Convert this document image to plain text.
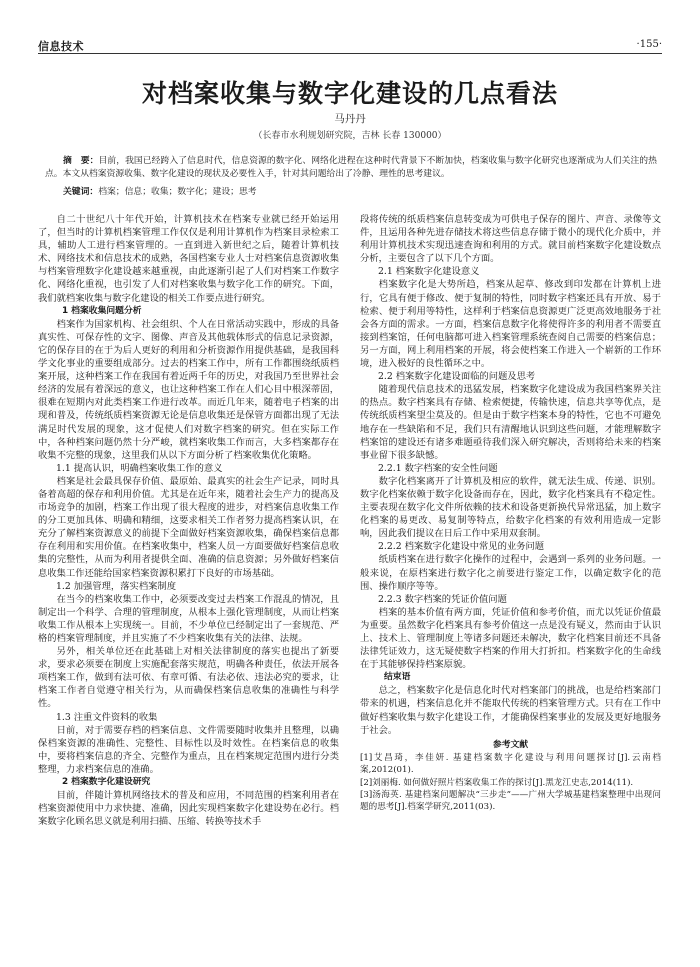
信息技术	·155·
对档案收集与数字化建设的几点看法
马丹丹
（长春市水利规划研究院，吉林 长春 130000）

摘　要：目前，我国已经跨入了信息时代，信息资源的数字化、网络化进程在这种时代背景下不断加快，档案收集与数字化研究也逐渐成为人们关注的热点。本文从档案资源收集、数字化建设的现状及必要性入手，针对其问题给出了冷静、理性的思考建议。

关键词：档案；信息；收集；数字化；建设；思考

自二十世纪八十年代开始，计算机技术在档案专业就已经开始运用了，但当时的计算机档案管理工作仅仅是利用计算机作为档案目录检索工具，辅助人工进行档案管理的。一直到进入新世纪之后，随着计算机技术、网络技术和信息技术的成熟，各国档案专业人士对档案信息资源收集与档案管理数字化建设越来越重视，由此逐渐引起了人们对档案工作数字化、网络化重视，也引发了人们对档案收集与数字化工作的研究。下面，我们就档案收集与数字化建设的相关工作要点进行研究。

1 档案收集问题分析

档案作为国家机构、社会组织、个人在日常活动实践中，形成的具备真实性、可保存性的文字、图像、声音及其他载体形式的信息记录资源，它的保存目的在于为后人更好的利用和分析资源作用提供基础，是我国科学文化事业的重要组成部分。过去的档案工作中，所有工作都围绕纸质档案开展，这种档案工作在我国有着近两千年的历史，对我国乃至世界社会经济的发展有着深远的意义，也让这种档案工作在人们心目中根深蒂固，很难在短期内对此类档案工作进行改革。而近几年来，随着电子档案的出现和普及，传统纸质档案资源无论是信息收集还是保管方面都出现了无法满足时代发展的现象，这才促使人们对数字档案的研究。但在实际工作中，各种档案问题仍然十分严峻，就档案收集工作而言，大多档案都存在收集不完整的现象，这里我们从以下方面分析了档案收集优化策略。

1.1 提高认识，明确档案收集工作的意义

档案是社会最具保存价值、最原始、最真实的社会生产记录，同时具备着高超的保存和利用价值。尤其是在近年来，随着社会生产力的提高及市场竞争的加剧，档案工作出现了很大程度的进步，对档案信息收集工作的分工更加具体、明确和精细，这要求相关工作者努力提高档案认识，在充分了解档案资源意义的前提下全面做好档案资源收集，确保档案信息都存在利用和实用价值。在档案收集中，档案人员一方面要做好档案信息收集的完整性，从而为利用者提供全面、准确的信息资源；另外做好档案信息收集工作还能给国家档案资源积累打下良好的市场基础。

1.2 加强管理，落实档案制度

在当今的档案收集工作中，必须要改变过去档案工作混乱的情况，且制定出一个科学、合理的管理制度，从根本上强化管理制度，从而让档案收集工作从根本上实现统一。目前，不少单位已经制定出了一套规范、严格的档案管理制度，并且实施了不少档案收集有关的法律、法规。

另外，相关单位还在此基础上对相关法律制度的落实也提出了新要求，要求必须要在制度上实施配套落实规范，明确各种责任，依法开展各项档案工作，做到有法可依、有章可循、有法必依、违法必究的要求，让档案工作者自觉遵守相关行为，从而确保档案信息收集的准确性与科学性。

1.3 注重文件资料的收集

日前，对于需要存档的档案信息、文件需要随时收集并且整理，以确保档案资源的准确性、完整性、目标性以及时效性。在档案信息的收集中，要将档案信息的齐全、完整作为重点，且在档案规定范围内进行分类整理，力求档案信息的准确。

2 档案数字化建设研究

目前，伴随计算机网络技术的普及和应用，不同范围的档案利用者在档案资源使用中力求快捷、准确，因此实现档案数字化建设势在必行。档案数字化顾名思义就是利用扫描、压缩、转换等技术手

段将传统的纸质档案信息转变成为可供电子保存的图片、声音、录像等文件，且运用各种先进存储技术将这些信息存储于微小的现代化介质中，并利用计算机技术实现迅速查询和利用的方式。就目前档案数字化建设数点分析，主要包含了以下几个方面。

2.1 档案数字化建设意义

档案数字化是大势所趋，档案从起草、修改到印发都在计算机上进行，它具有便于修改、便于复制的特性，同时数字档案还具有开放、易于检索、便于利用等特性，这样利于档案信息资源更广泛更高效地服务于社会各方面的需求。一方面，档案信息数字化将使得许多的利用者不需要直接到档案馆，任何电脑都可进入档案管理系统查阅自己需要的档案信息；另一方面，网上利用档案的开展，将会使档案工作进入一个崭新的工作环境，进入极好的良性循环之中。

2.2 档案数字化建设面临的问题及思考

随着现代信息技术的迅猛发展，档案数字化建设成为我国档案界关注的热点。数字档案具有存储、检索便捷，传输快速，信息共享等优点，是传统纸质档案望尘莫及的。但是由于数字档案本身的特性，它也不可避免地存在一些缺陷和不足，我们只有清醒地认识到这些问题，才能理解数字档案馆的建设还有诸多难题亟待我们深入研究解决，否则将给未来的档案事业留下很多缺憾。

2.2.1 数字档案的安全性问题

数字化档案离开了计算机及相应的软件，就无法生成、传递、识别。数字化档案依赖于数字化设备而存在，因此，数字化档案具有不稳定性。主要表现在数字化文件所依赖的技术和设备更新换代异常迅猛，加上数字化档案的易更改、易复制等特点，给数字化档案的有效利用造成一定影响，因此我们提议在日后工作中采用双套制。

2.2.2 档案数字化建设中常见的业务问题

纸质档案在进行数字化操作的过程中，会遇到一系列的业务问题。一般来说，在原档案进行数字化之前要进行鉴定工作，以确定数字化的范围、操作顺序等等。

2.2.3 数字档案的凭证价值问题

档案的基本价值有两方面，凭证价值和参考价值，而尤以凭证价值最为重要。虽然数字化档案具有参考价值这一点是没有疑义，然而由于认识上、技术上、管理制度上等诸多问题还未解决，数字化档案目前还不具备法律凭证效力，这无疑使数字档案的作用大打折扣。档案数字化的生命线在于其能够保持档案原貌。

结束语

总之，档案数字化是信息化时代对档案部门的挑战，也是给档案部门带来的机遇，档案信息化并不能取代传统的档案管理方式。只有在工作中做好档案收集与数字化建设工作，才能确保档案事业的发展及更好地服务于社会。

参考文献

[1]艾昌琦，李佳妍. 基建档案数字化建设与利用问题探讨[J].云南档案,2012(01).

[2]刘丽梅. 如何做好照片档案收集工作的探讨[J].黑龙江史志,2014(11).

[3]汤海英. 基建档案问题解决“三步走”——广州大学城基建档案整理中出现问题的思考[J].档案学研究,2011(03).
